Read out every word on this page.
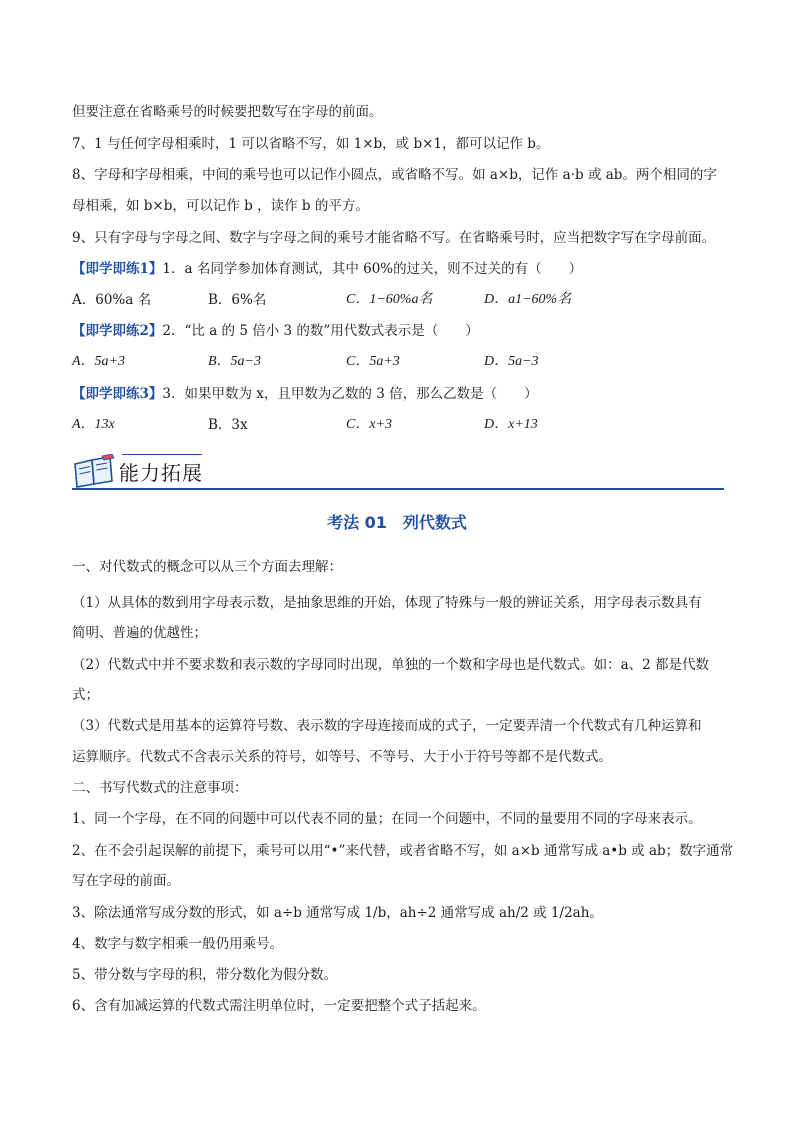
但要注意在省略乘号的时候要把数写在字母的前面。
7、1 与任何字母相乘时，1 可以省略不写，如 1×b，或 b×1，都可以记作 b。
8、字母和字母相乘，中间的乘号也可以记作小圆点，或省略不写。如 a×b，记作 a·b 或 ab。两个相同的字
母相乘，如 b×b，可以记作 b ，读作 b 的平方。
9、只有字母与字母之间、数字与字母之间的乘号才能省略不写。在省略乘号时，应当把数字写在字母前面。
【即学即练1】1．a 名同学参加体育测试，其中 60%的过关，则不过关的有（　　）
A．60%a 名	B．6%名	C．1−60%a名	D．a1−60%名
【即学即练2】2．“比 a 的 5 倍小 3 的数”用代数式表示是（　　）
A．5a+3	B．5a−3	C．5a+3	D．5a−3
【即学即练3】3．如果甲数为 x，且甲数为乙数的 3 倍，那么乙数是（　　）
A．13x	B．3x	C．x+3	D．x+13
能力拓展
考法 01　列代数式
一、对代数式的概念可以从三个方面去理解：
（1）从具体的数到用字母表示数，是抽象思维的开始，体现了特殊与一般的辨证关系，用字母表示数具有
简明、普遍的优越性；
（2）代数式中并不要求数和表示数的字母同时出现，单独的一个数和字母也是代数式。如：a、2 都是代数
式；
（3）代数式是用基本的运算符号数、表示数的字母连接而成的式子，一定要弄清一个代数式有几种运算和
运算顺序。代数式不含表示关系的符号，如等号、不等号、大于小于符号等都不是代数式。
二、书写代数式的注意事项：
1、同一个字母，在不同的问题中可以代表不同的量；在同一个问题中，不同的量要用不同的字母来表示。
2、在不会引起误解的前提下，乘号可以用“•”来代替，或者省略不写，如 a×b 通常写成 a•b 或 ab；数字通常
写在字母的前面。
3、除法通常写成分数的形式，如 a÷b 通常写成 1/b，ah÷2 通常写成 ah/2 或 1/2ah。
4、数字与数字相乘一般仍用乘号。
5、带分数与字母的积，带分数化为假分数。
6、含有加减运算的代数式需注明单位时，一定要把整个式子括起来。
